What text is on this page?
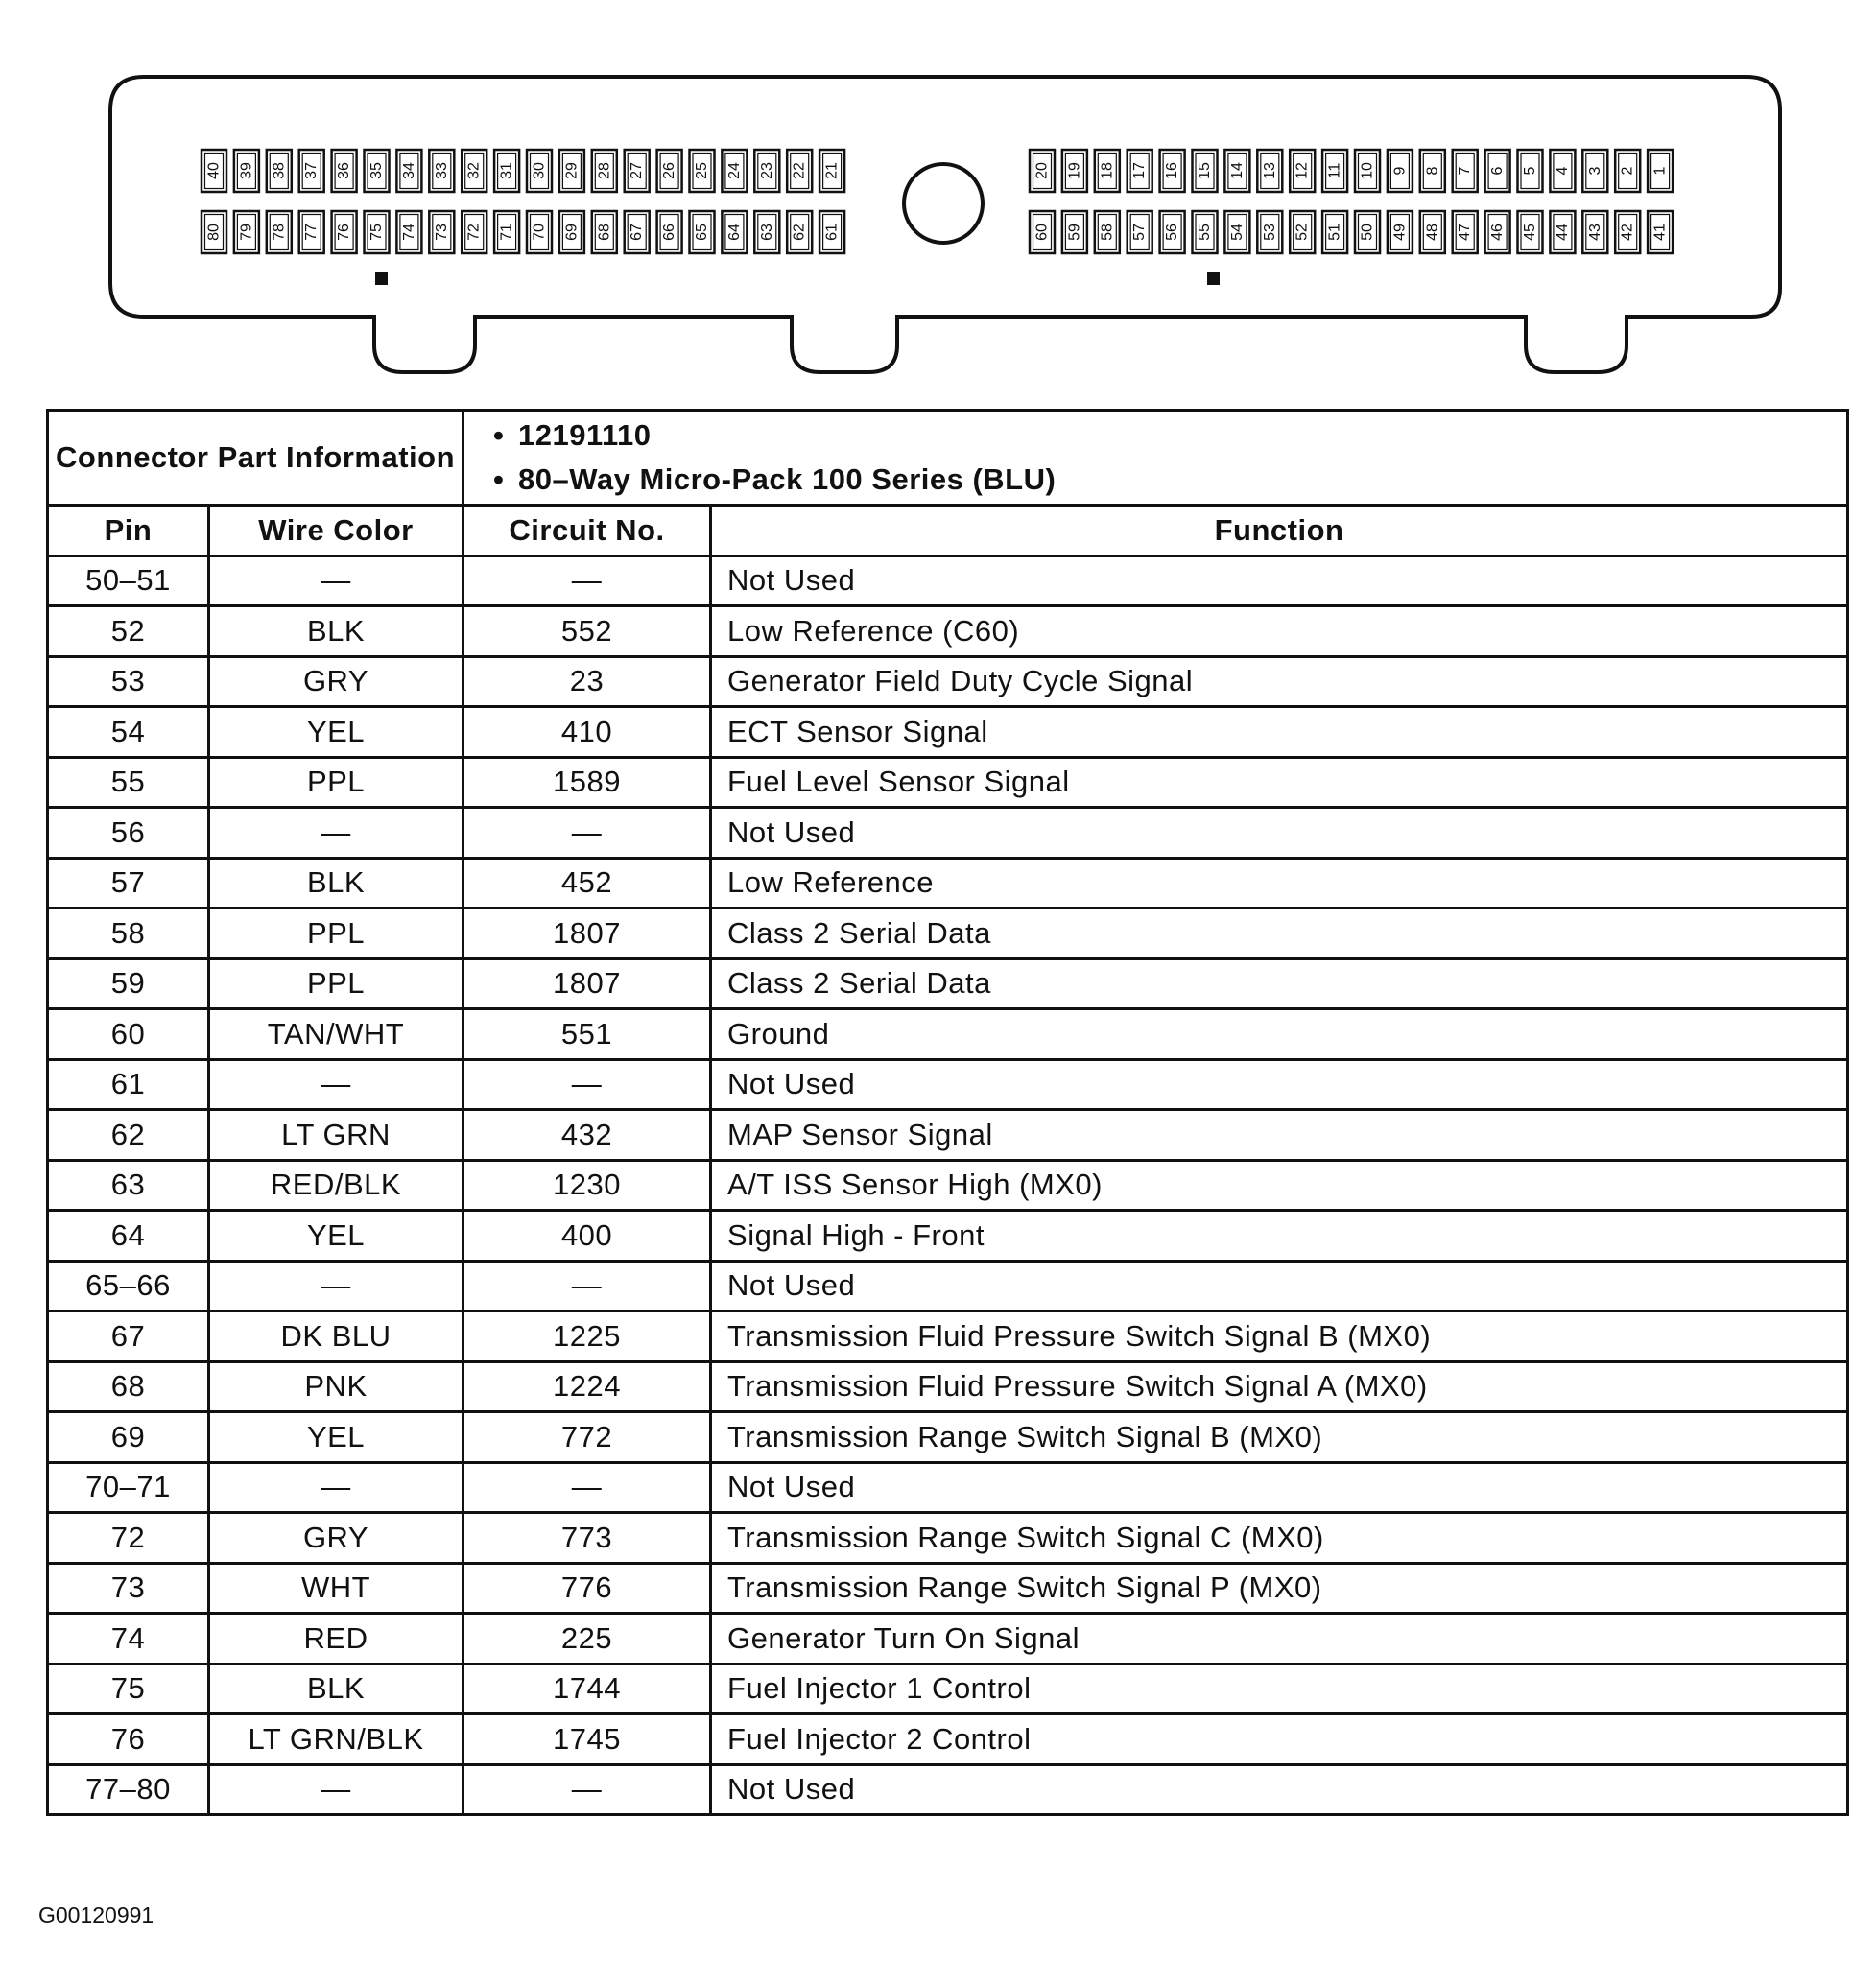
40 39 38 37 36 35 34 33 32 31 30 29 28 27 26 25 24 23 22 21
80 79 78 77 76 75 74 73 72 71 70 69 68 67 66 65 64 63 62 61
20 19 18 17 16 15 14 13 12 11 10 9 8 7 6 5 4 3 2 1
60 59 58 57 56 55 54 53 52 51 50 49 48 47 46 45 44 43 42 41
Connector Part Information		• 12191110
• 80–Way Micro-Pack 100 Series (BLU)	

Pin	Wire Color	Circuit No.	Function
50–51	—	—	Not Used
52	BLK	552	Low Reference (C60)
53	GRY	23	Generator Field Duty Cycle Signal
54	YEL	410	ECT Sensor Signal
55	PPL	1589	Fuel Level Sensor Signal
56	—	—	Not Used
57	BLK	452	Low Reference
58	PPL	1807	Class 2 Serial Data
59	PPL	1807	Class 2 Serial Data
60	TAN/WHT	551	Ground
61	—	—	Not Used
62	LT GRN	432	MAP Sensor Signal
63	RED/BLK	1230	A/T ISS Sensor High (MX0)
64	YEL	400	Signal High - Front
65–66	—	—	Not Used
67	DK BLU	1225	Transmission Fluid Pressure Switch Signal B (MX0)
68	PNK	1224	Transmission Fluid Pressure Switch Signal A (MX0)
69	YEL	772	Transmission Range Switch Signal B (MX0)
70–71	—	—	Not Used
72	GRY	773	Transmission Range Switch Signal C (MX0)
73	WHT	776	Transmission Range Switch Signal P (MX0)
74	RED	225	Generator Turn On Signal
75	BLK	1744	Fuel Injector 1 Control
76	LT GRN/BLK	1745	Fuel Injector 2 Control
77–80	—	—	Not Used
G00120991
